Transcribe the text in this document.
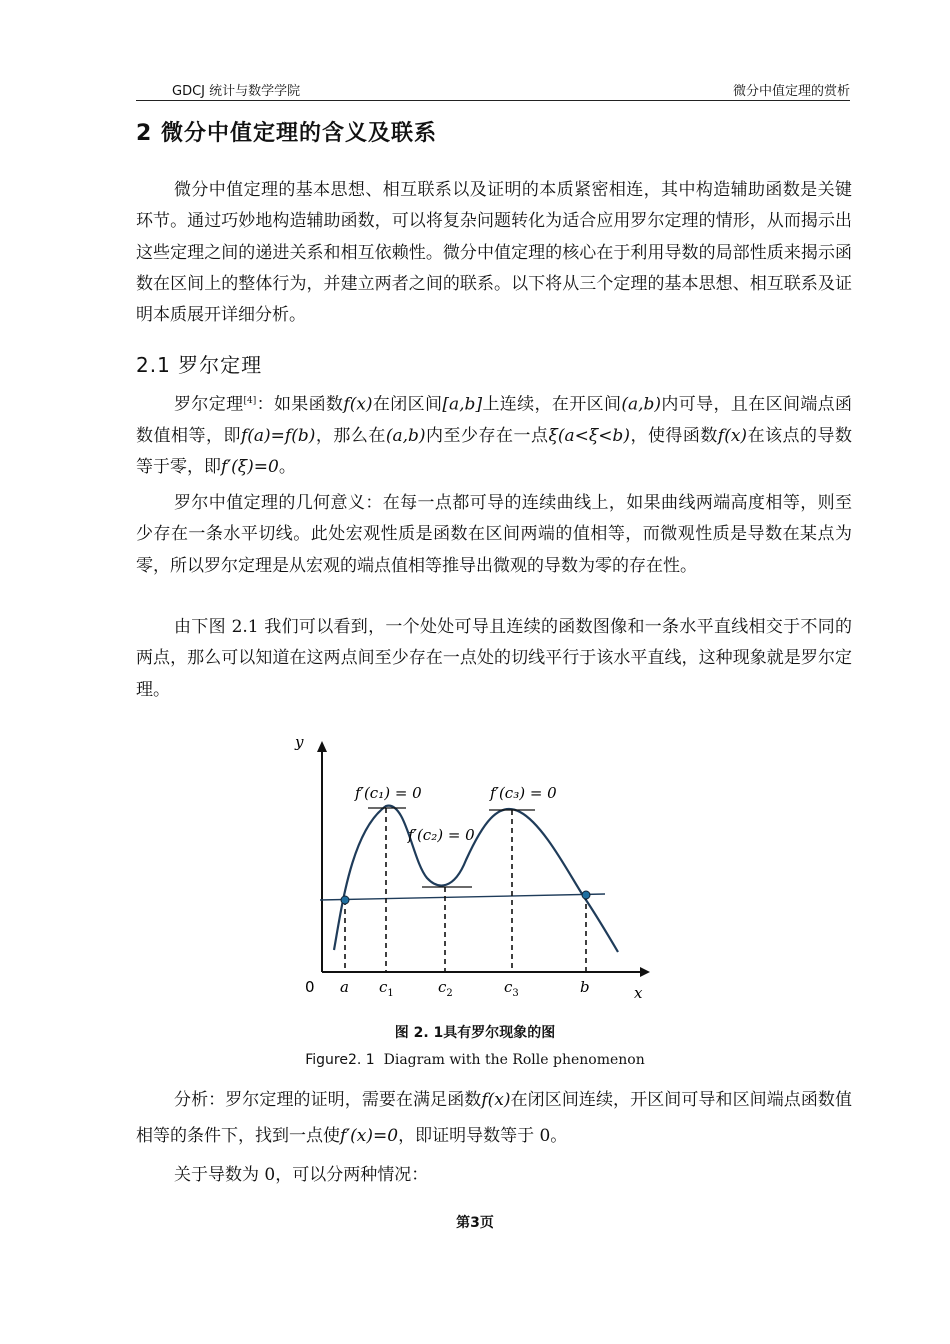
GDCJ 统计与数学学院	微分中值定理的赏析
2 微分中值定理的含义及联系

微分中值定理的基本思想、相互联系以及证明的本质紧密相连，其中构造辅助函数是关键环节。通过巧妙地构造辅助函数，可以将复杂问题转化为适合应用罗尔定理的情形，从而揭示出这些定理之间的递进关系和相互依赖性。微分中值定理的核心在于利用导数的局部性质来揭示函数在区间上的整体行为，并建立两者之间的联系。以下将从三个定理的基本思想、相互联系及证明本质展开详细分析。

2.1 罗尔定理

罗尔定理[4]：如果函数f(x)在闭区间[a,b]上连续，在开区间(a,b)内可导，且在区间端点函数值相等，即f(a)=f(b)，那么在(a,b)内至少存在一点ξ(a<ξ<b)，使得函数f(x)在该点的导数等于零，即f′(ξ)=0。

罗尔中值定理的几何意义：在每一点都可导的连续曲线上，如果曲线两端高度相等，则至少存在一条水平切线。此处宏观性质是函数在区间两端的值相等，而微观性质是导数在某点为零，所以罗尔定理是从宏观的端点值相等推导出微观的导数为零的存在性。

由下图 2.1 我们可以看到，一个处处可导且连续的函数图像和一条水平直线相交于不同的两点，那么可以知道在这两点间至少存在一点处的切线平行于该水平直线，这种现象就是罗尔定理。

y
x
0
f′(c₁) = 0
f′(c₂) = 0
f′(c₃) = 0
a $c_1$	$c_2$	$c_3$	b
图 2. 1具有罗尔现象的图
Figure2. 1 Diagram with the Rolle phenomenon

分析：罗尔定理的证明，需要在满足函数f(x)在闭区间连续，开区间可导和区间端点函数值相等的条件下，找到一点使f′(x)=0，即证明导数等于 0。

关于导数为 0，可以分两种情况：

第3页
